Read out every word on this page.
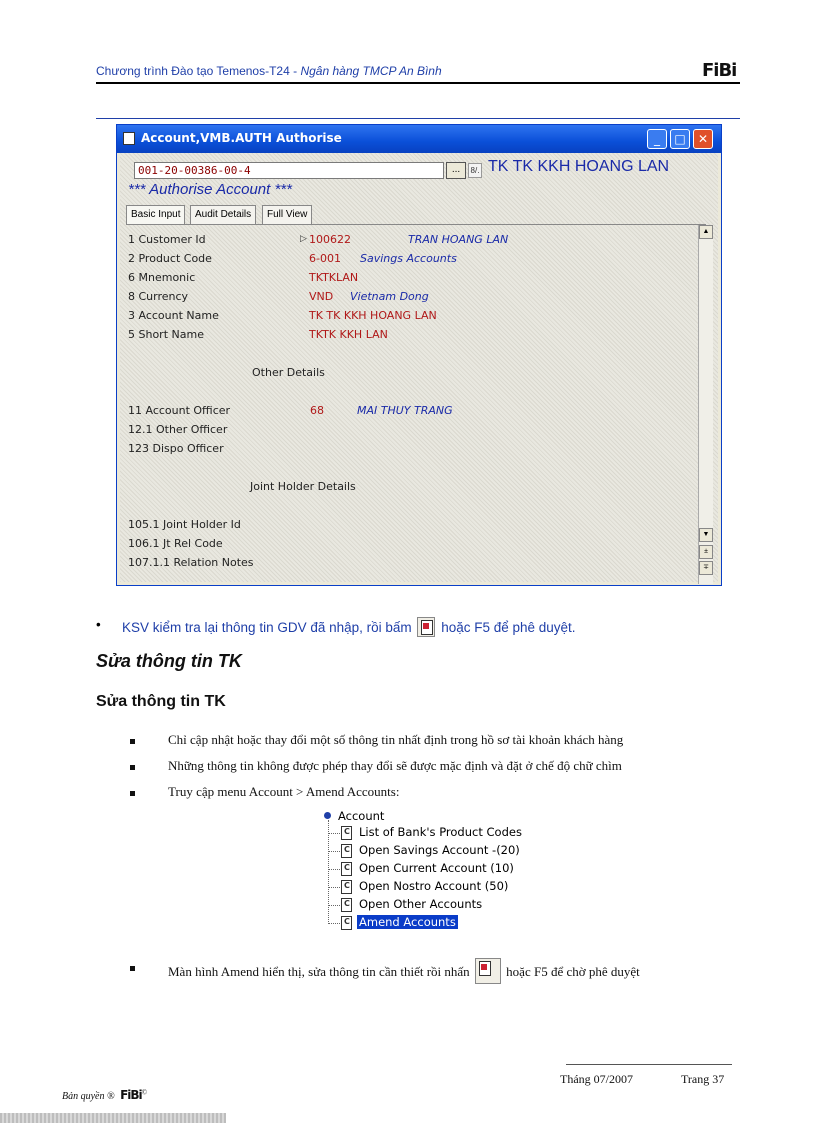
Chương trình Đào tạo Temenos-T24 - Ngân hàng TMCP An Bình	FiBi
Account,VMB.AUTH Authorise	_	□	✕
001-20-00386-00-4	...	8/. TK TK KKH HOANG LAN
*** Authorise Account ***
Basic Input	Audit Details	Full View
1 Customer Id	▷ 100622	TRAN HOANG LAN
2 Product Code	6-001 Savings Accounts
6 Mnemonic	TKTKLAN
8 Currency	VND Vietnam Dong
3 Account Name	TK TK KKH HOANG LAN
5 Short Name	TKTK KKH LAN
Other Details
11 Account Officer	68	MAI THUY TRANG
12.1 Other Officer
123 Dispo Officer
Joint Holder Details
105.1 Joint Holder Id
106.1 Jt Rel Code
107.1.1 Relation Notes
▲
▼
±
∓
• KSV kiểm tra lại thông tin GDV đã nhập, rồi bấm hoặc F5 để phê duyệt.
Sửa thông tin TK
Sửa thông tin TK
Chỉ cập nhật hoặc thay đổi một số thông tin nhất định trong hồ sơ tài khoản khách hàng
Những thông tin không được phép thay đổi sẽ được mặc định và đặt ở chế độ chữ chìm
Truy cập menu Account > Amend Accounts:
Account
C
List of Bank's Product Codes
C
Open Savings Account -(20)
C
Open Current Account (10)
C
Open Nostro Account (50)
C
Open Other Accounts
C
Amend Accounts
Màn hình Amend hiển thị, sửa thông tin cần thiết rồi nhấn	hoặc F5 để chờ phê duyệt
Tháng 07/2007	Trang 37
Bản quyền ® FiBi©
